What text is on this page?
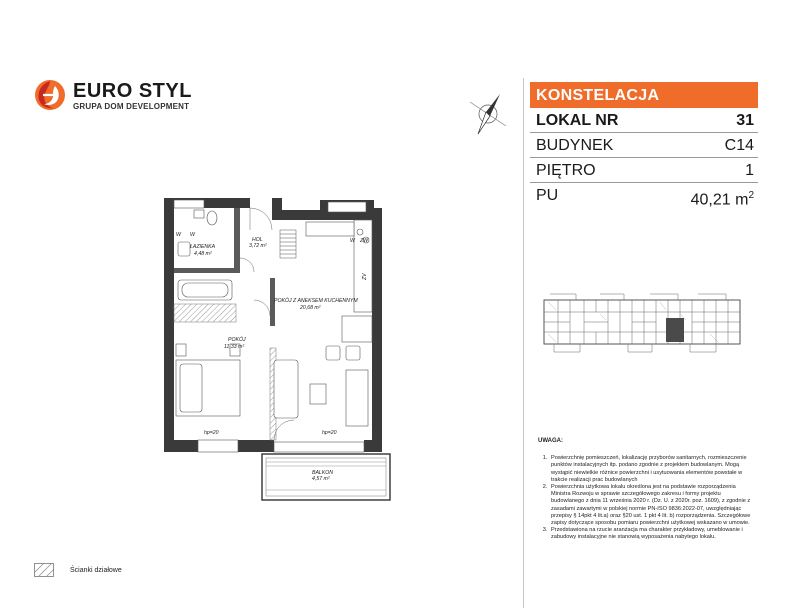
EURO STYL
GRUPA DOM DEVELOPMENT
KONSTELACJA
LOKAL NR	31
BUDYNEK	C14
PIĘTRO	1
PU	40,21 $m^2$
UWAGA:
1. Powierzchnię pomieszczeń, lokalizację przyborów sanitarnych, rozmieszczenie punktów instalacyjnych itp. podano zgodnie z projektem budowlanym. Mogą wystąpić niewielkie różnice powierzchni i usytuowania elementów powstałe w trakcie realizacji prac budowlanych
2. Powierzchnia użytkowa lokalu określona jest na podstawie rozporządzenia Ministra Rozwoju w sprawie szczegółowego zakresu i formy projektu budowlanego z dnia 11 września 2020 r. (Dz. U. z 2020r. poz. 1609), z zgodnie z zasadami zawartymi w polskiej normie PN-ISO 9836:2022-07, uwzględniając przepisy § 14pkt 4 lit.a) oraz §20 ust. 1 pkt 4 lit. b) rozporządzenia. Szczegółowe zapisy dotyczące sposobu pomiaru powierzchni użytkowej wskazano w umowie.
3. Przedstawiona na rzucie aranżacja ma charakter przykładowy, umeblowanie i zabudowy instalacyjne nie stanowią wyposażenia nabytego lokalu.
Ścianki działowe
ŁAZIENKA
4,48 m²
HOL
3,72 m²
POKÓJ Z ANEKSEM KUCHENNYM
20,68 m²
POKÓJ
11,33 m²
BALKON
4,57 m²
W W
ZW
W
ZV
hp=20	hp=20
